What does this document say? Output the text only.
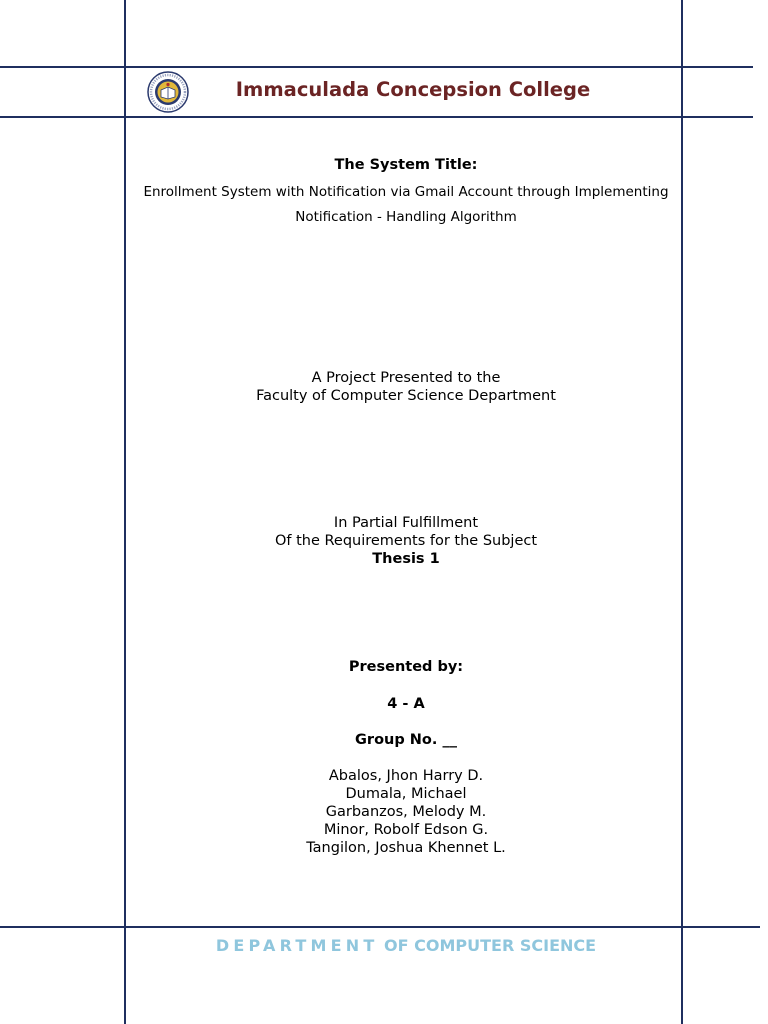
Immaculada Concepsion College
The System Title:
Enrollment System with Notification via Gmail Account through Implementing
Notification - Handling Algorithm
A Project Presented to the
Faculty of Computer Science Department
In Partial Fulfillment
Of the Requirements for the Subject
Thesis 1
Presented by:
4 - A
Group No. __
Abalos, Jhon Harry D.
Dumala, Michael
Garbanzos, Melody M.
Minor, Robolf Edson G.
Tangilon, Joshua Khennet L.
DEPARTMENT OF COMPUTER SCIENCE
